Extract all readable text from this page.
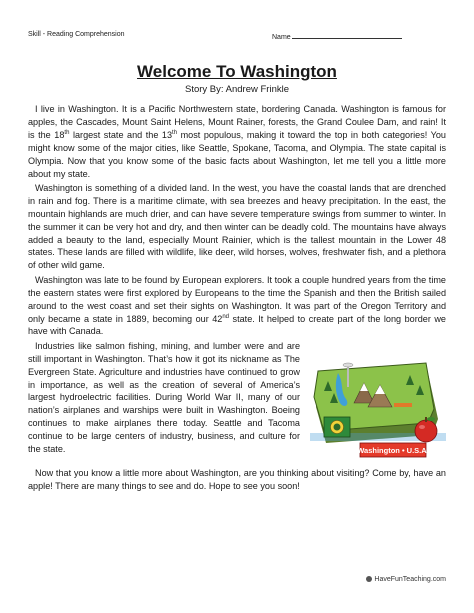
Skill - Reading Comprehension	Name
Welcome To Washington
Story By: Andrew Frinkle

I live in Washington. It is a Pacific Northwestern state, bordering Canada. Washington is famous for apples, the Cascades, Mount Saint Helens, Mount Rainer, forests, the Grand Coulee Dam, and rain! It is the 18th largest state and the 13th most populous, making it toward the top in both categories! You might know some of the major cities, like Seattle, Spokane, Tacoma, and Olympia. The state capital is Olympia. Now that you know some of the basic facts about Washington, let me tell you a little more about my state.

Washington is something of a divided land. In the west, you have the coastal lands that are drenched in rain and fog. There is a maritime climate, with sea breezes and heavy precipitation. In the east, the mountain highlands are much drier, and can have severe temperature swings from summer to winter. In the summer it can be very hot and dry, and then winter can be deadly cold. The mountains have always added a beauty to the land, especially Mount Rainier, which is the tallest mountain in the Lower 48 states. These lands are filled with wildlife, like deer, wild horses, wolves, freshwater fish, and a plethora of other wild game.

Washington was late to be found by European explorers. It took a couple hundred years from the time the eastern states were first explored by Europeans to the time the Spanish and then the British sailed around to the west coast and set their sights on Washington. It was part of the Oregon Territory and only became a state in 1889, becoming our 42nd state. It helped to create part of the long border we have with Canada.

Industries like salmon fishing, mining, and lumber were and are still important in Washington. That’s how it got its nickname as The Evergreen State. Agriculture and industries have continued to grow in importance, as well as the creation of several of America’s largest hydroelectric facilities. During World War II, many of our nation’s airplanes and warships were built in Washington. Boeing continues to make airplanes there today. Seattle and Tacoma continue to be large centers of industry, business, and culture for the state.	Washington • U.S.A.

Now that you know a little more about Washington, are you thinking about visiting? Come by, have an apple! There are many things to see and do. Hope to see you soon!

HaveFunTeaching.com
